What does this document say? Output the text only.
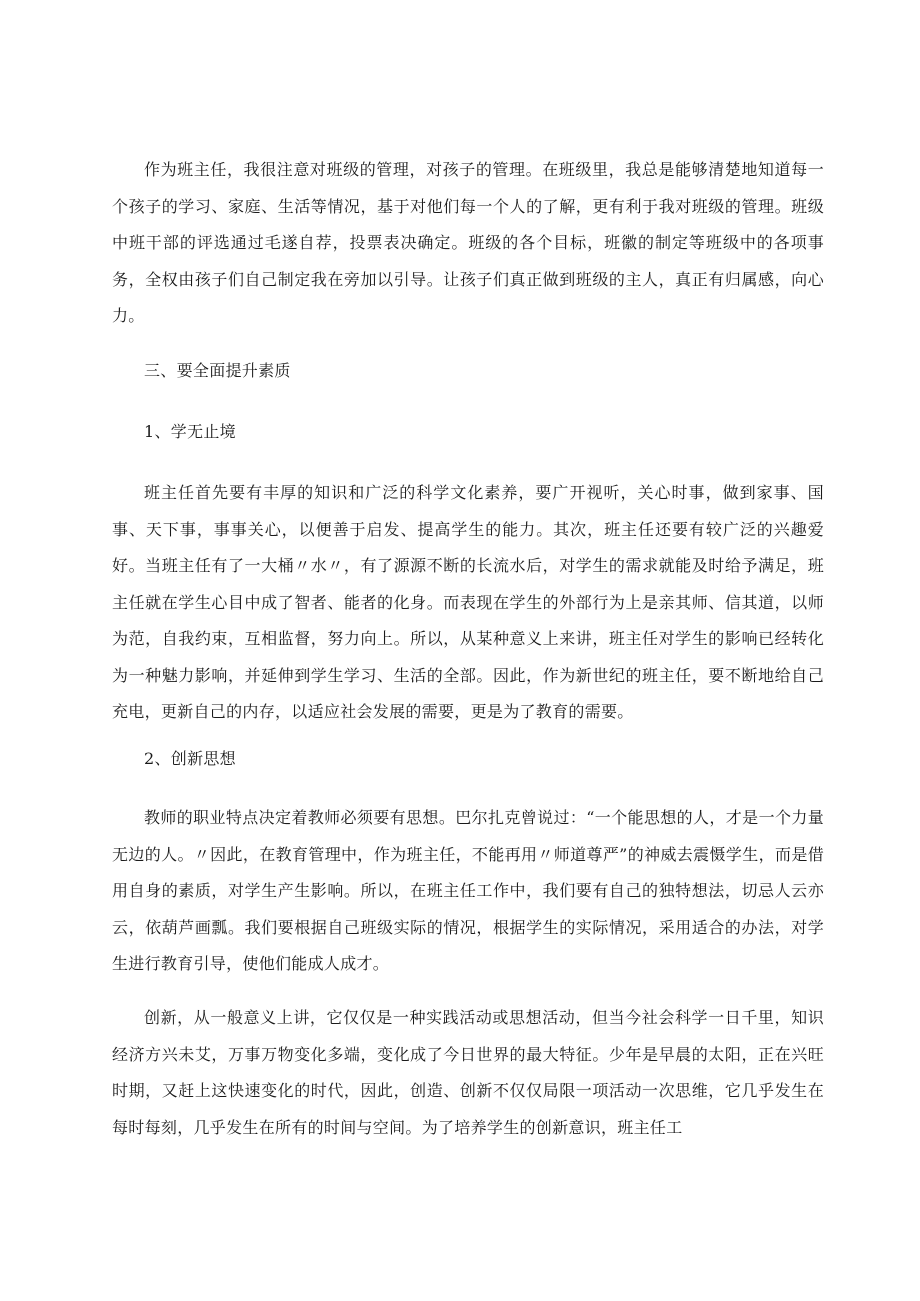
作为班主任，我很注意对班级的管理，对孩子的管理。在班级里，我总是能够清楚地知道每一个孩子的学习、家庭、生活等情况，基于对他们每一个人的了解，更有利于我对班级的管理。班级中班干部的评选通过毛遂自荐，投票表决确定。班级的各个目标，班徽的制定等班级中的各项事务，全权由孩子们自己制定我在旁加以引导。让孩子们真正做到班级的主人，真正有归属感，向心力。

三、要全面提升素质

1、学无止境

班主任首先要有丰厚的知识和广泛的科学文化素养，要广开视听，关心时事，做到家事、国事、天下事，事事关心，以便善于启发、提高学生的能力。其次，班主任还要有较广泛的兴趣爱好。当班主任有了一大桶〃水〃，有了源源不断的长流水后，对学生的需求就能及时给予满足，班主任就在学生心目中成了智者、能者的化身。而表现在学生的外部行为上是亲其师、信其道，以师为范，自我约束，互相监督，努力向上。所以，从某种意义上来讲，班主任对学生的影响已经转化为一种魅力影响，并延伸到学生学习、生活的全部。因此，作为新世纪的班主任，要不断地给自己充电，更新自己的内存，以适应社会发展的需要，更是为了教育的需要。

2、创新思想

教师的职业特点决定着教师必须要有思想。巴尔扎克曾说过：“一个能思想的人，才是一个力量无边的人。〃因此，在教育管理中，作为班主任，不能再用〃师道尊严”的神威去震慑学生，而是借用自身的素质，对学生产生影响。所以，在班主任工作中，我们要有自己的独特想法，切忌人云亦云，依葫芦画瓢。我们要根据自己班级实际的情况，根据学生的实际情况，采用适合的办法，对学生进行教育引导，使他们能成人成才。

创新，从一般意义上讲，它仅仅是一种实践活动或思想活动，但当今社会科学一日千里，知识经济方兴未艾，万事万物变化多端，变化成了今日世界的最大特征。少年是早晨的太阳，正在兴旺时期，又赶上这快速变化的时代，因此，创造、创新不仅仅局限一项活动一次思维，它几乎发生在每时每刻，几乎发生在所有的时间与空间。为了培养学生的创新意识，班主任工
